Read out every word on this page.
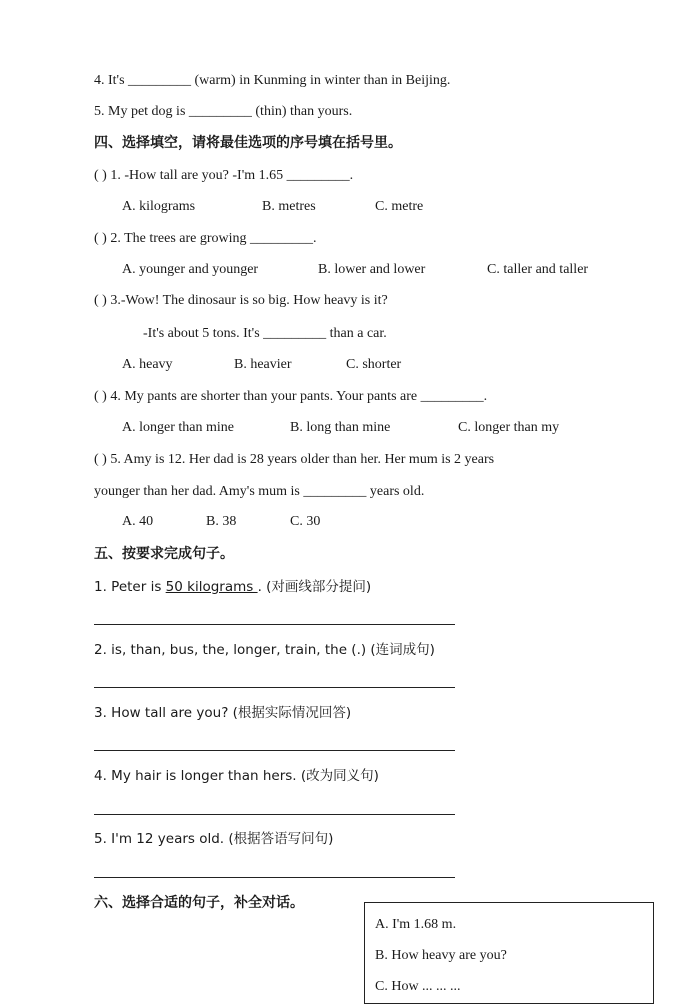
4. It's _________ (warm) in Kunming in winter than in Beijing.
5. My pet dog is _________ (thin) than yours.
四、选择填空，请将最佳选项的序号填在括号里。
( ) 1. -How tall are you? -I'm 1.65 _________.
A. kilograms	B. metres	C. metre
( ) 2. The trees are growing _________.
A. younger and younger	B. lower and lower	C. taller and taller
( ) 3.-Wow! The dinosaur is so big. How heavy is it?
-It's about 5 tons. It's _________ than a car.
A. heavy	B. heavier	C. shorter
( ) 4. My pants are shorter than your pants. Your pants are _________.
A. longer than mine	B. long than mine	C. longer than my
( ) 5. Amy is 12. Her dad is 28 years older than her. Her mum is 2 years
younger than her dad. Amy's mum is _________ years old.
A. 40	B. 38	C. 30
五、按要求完成句子。
1. Peter is 50 kilograms . (对画线部分提问)
2. is, than, bus, the, longer, train, the (.) (连词成句)
3. How tall are you? (根据实际情况回答)
4. My hair is longer than hers. (改为同义句)
5. I'm 12 years old. (根据答语写问句)
六、选择合适的句子，补全对话。
A. I'm 1.68 m.
B. How heavy are you?
C. How ... ... ...
